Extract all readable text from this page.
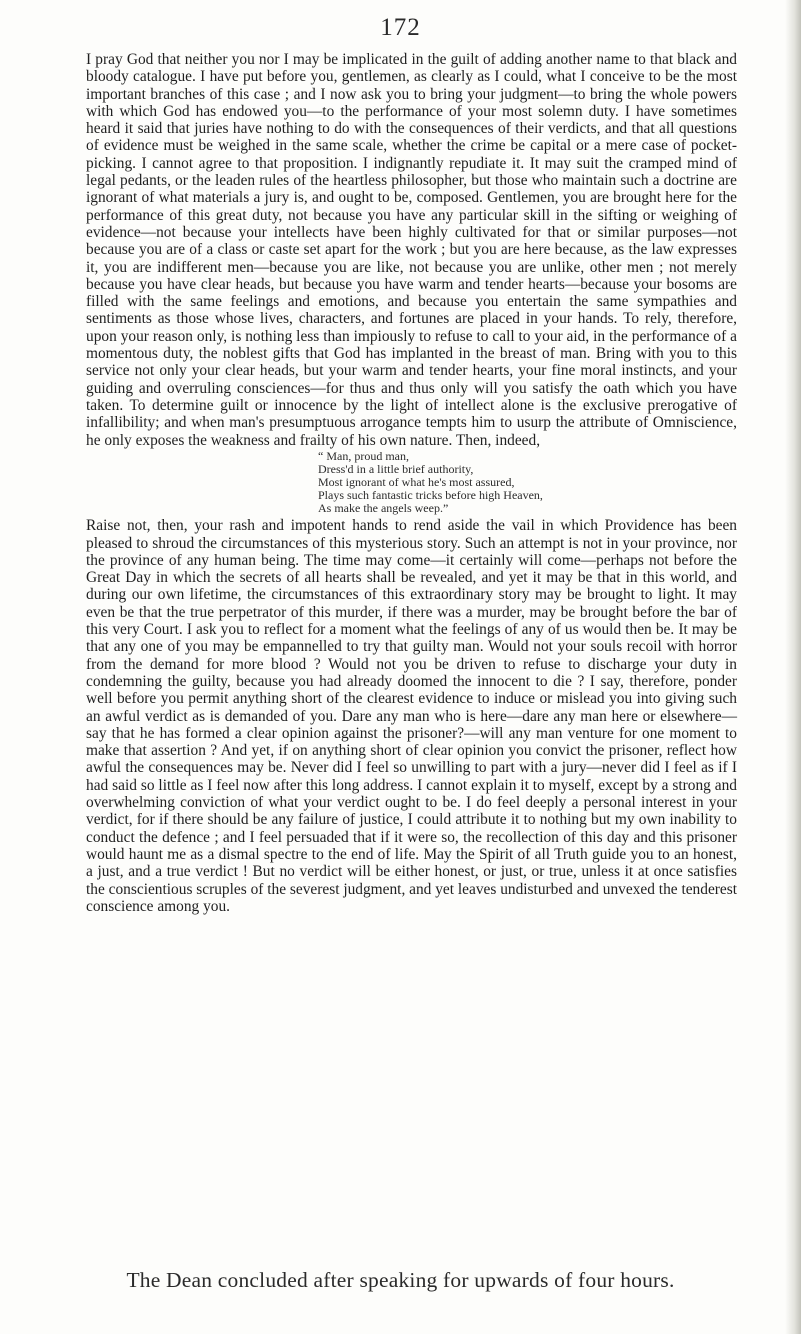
172

I pray God that neither you nor I may be implicated in the guilt of adding another name to that black and bloody catalogue. I have put before you, gentlemen, as clearly as I could, what I conceive to be the most important branches of this case ; and I now ask you to bring your judgment—to bring the whole powers with which God has endowed you—to the performance of your most solemn duty. I have sometimes heard it said that juries have nothing to do with the consequences of their verdicts, and that all questions of evidence must be weighed in the same scale, whether the crime be capital or a mere case of pocket-picking. I cannot agree to that proposition. I indignantly repudiate it. It may suit the cramped mind of legal pedants, or the leaden rules of the heartless philosopher, but those who maintain such a doctrine are ignorant of what materials a jury is, and ought to be, composed. Gentlemen, you are brought here for the performance of this great duty, not because you have any particular skill in the sifting or weighing of evidence—not because your intellects have been highly cultivated for that or similar purposes—not because you are of a class or caste set apart for the work ; but you are here because, as the law expresses it, you are indifferent men—because you are like, not because you are unlike, other men ; not merely because you have clear heads, but because you have warm and tender hearts—because your bosoms are filled with the same feelings and emotions, and because you entertain the same sympathies and sentiments as those whose lives, characters, and fortunes are placed in your hands. To rely, therefore, upon your reason only, is nothing less than impiously to refuse to call to your aid, in the performance of a momentous duty, the noblest gifts that God has implanted in the breast of man. Bring with you to this service not only your clear heads, but your warm and tender hearts, your fine moral instincts, and your guiding and overruling consciences—for thus and thus only will you satisfy the oath which you have taken. To determine guilt or innocence by the light of intellect alone is the exclusive prerogative of infallibility; and when man's presumptuous arrogance tempts him to usurp the attribute of Omniscience, he only exposes the weakness and frailty of his own nature. Then, indeed,

“ Man, proud man,
Dress'd in a little brief authority,
Most ignorant of what he's most assured,
Plays such fantastic tricks before high Heaven,
As make the angels weep.”

Raise not, then, your rash and impotent hands to rend aside the vail in which Providence has been pleased to shroud the circumstances of this mysterious story. Such an attempt is not in your province, nor the province of any human being. The time may come—it certainly will come—perhaps not before the Great Day in which the secrets of all hearts shall be revealed, and yet it may be that in this world, and during our own lifetime, the circumstances of this extraordinary story may be brought to light. It may even be that the true perpetrator of this murder, if there was a murder, may be brought before the bar of this very Court. I ask you to reflect for a moment what the feelings of any of us would then be. It may be that any one of you may be empannelled to try that guilty man. Would not your souls recoil with horror from the demand for more blood ? Would not you be driven to refuse to discharge your duty in condemning the guilty, because you had already doomed the innocent to die ? I say, therefore, ponder well before you permit anything short of the clearest evidence to induce or mislead you into giving such an awful verdict as is demanded of you. Dare any man who is here—dare any man here or elsewhere—say that he has formed a clear opinion against the prisoner?—will any man venture for one moment to make that assertion ? And yet, if on anything short of clear opinion you convict the prisoner, reflect how awful the consequences may be. Never did I feel so unwilling to part with a jury—never did I feel as if I had said so little as I feel now after this long address. I cannot explain it to myself, except by a strong and overwhelming conviction of what your verdict ought to be. I do feel deeply a personal interest in your verdict, for if there should be any failure of justice, I could attribute it to nothing but my own inability to conduct the defence ; and I feel persuaded that if it were so, the recollection of this day and this prisoner would haunt me as a dismal spectre to the end of life. May the Spirit of all Truth guide you to an honest, a just, and a true verdict ! But no verdict will be either honest, or just, or true, unless it at once satisfies the conscientious scruples of the severest judgment, and yet leaves undisturbed and unvexed the tenderest conscience among you.

The Dean concluded after speaking for upwards of four hours.
